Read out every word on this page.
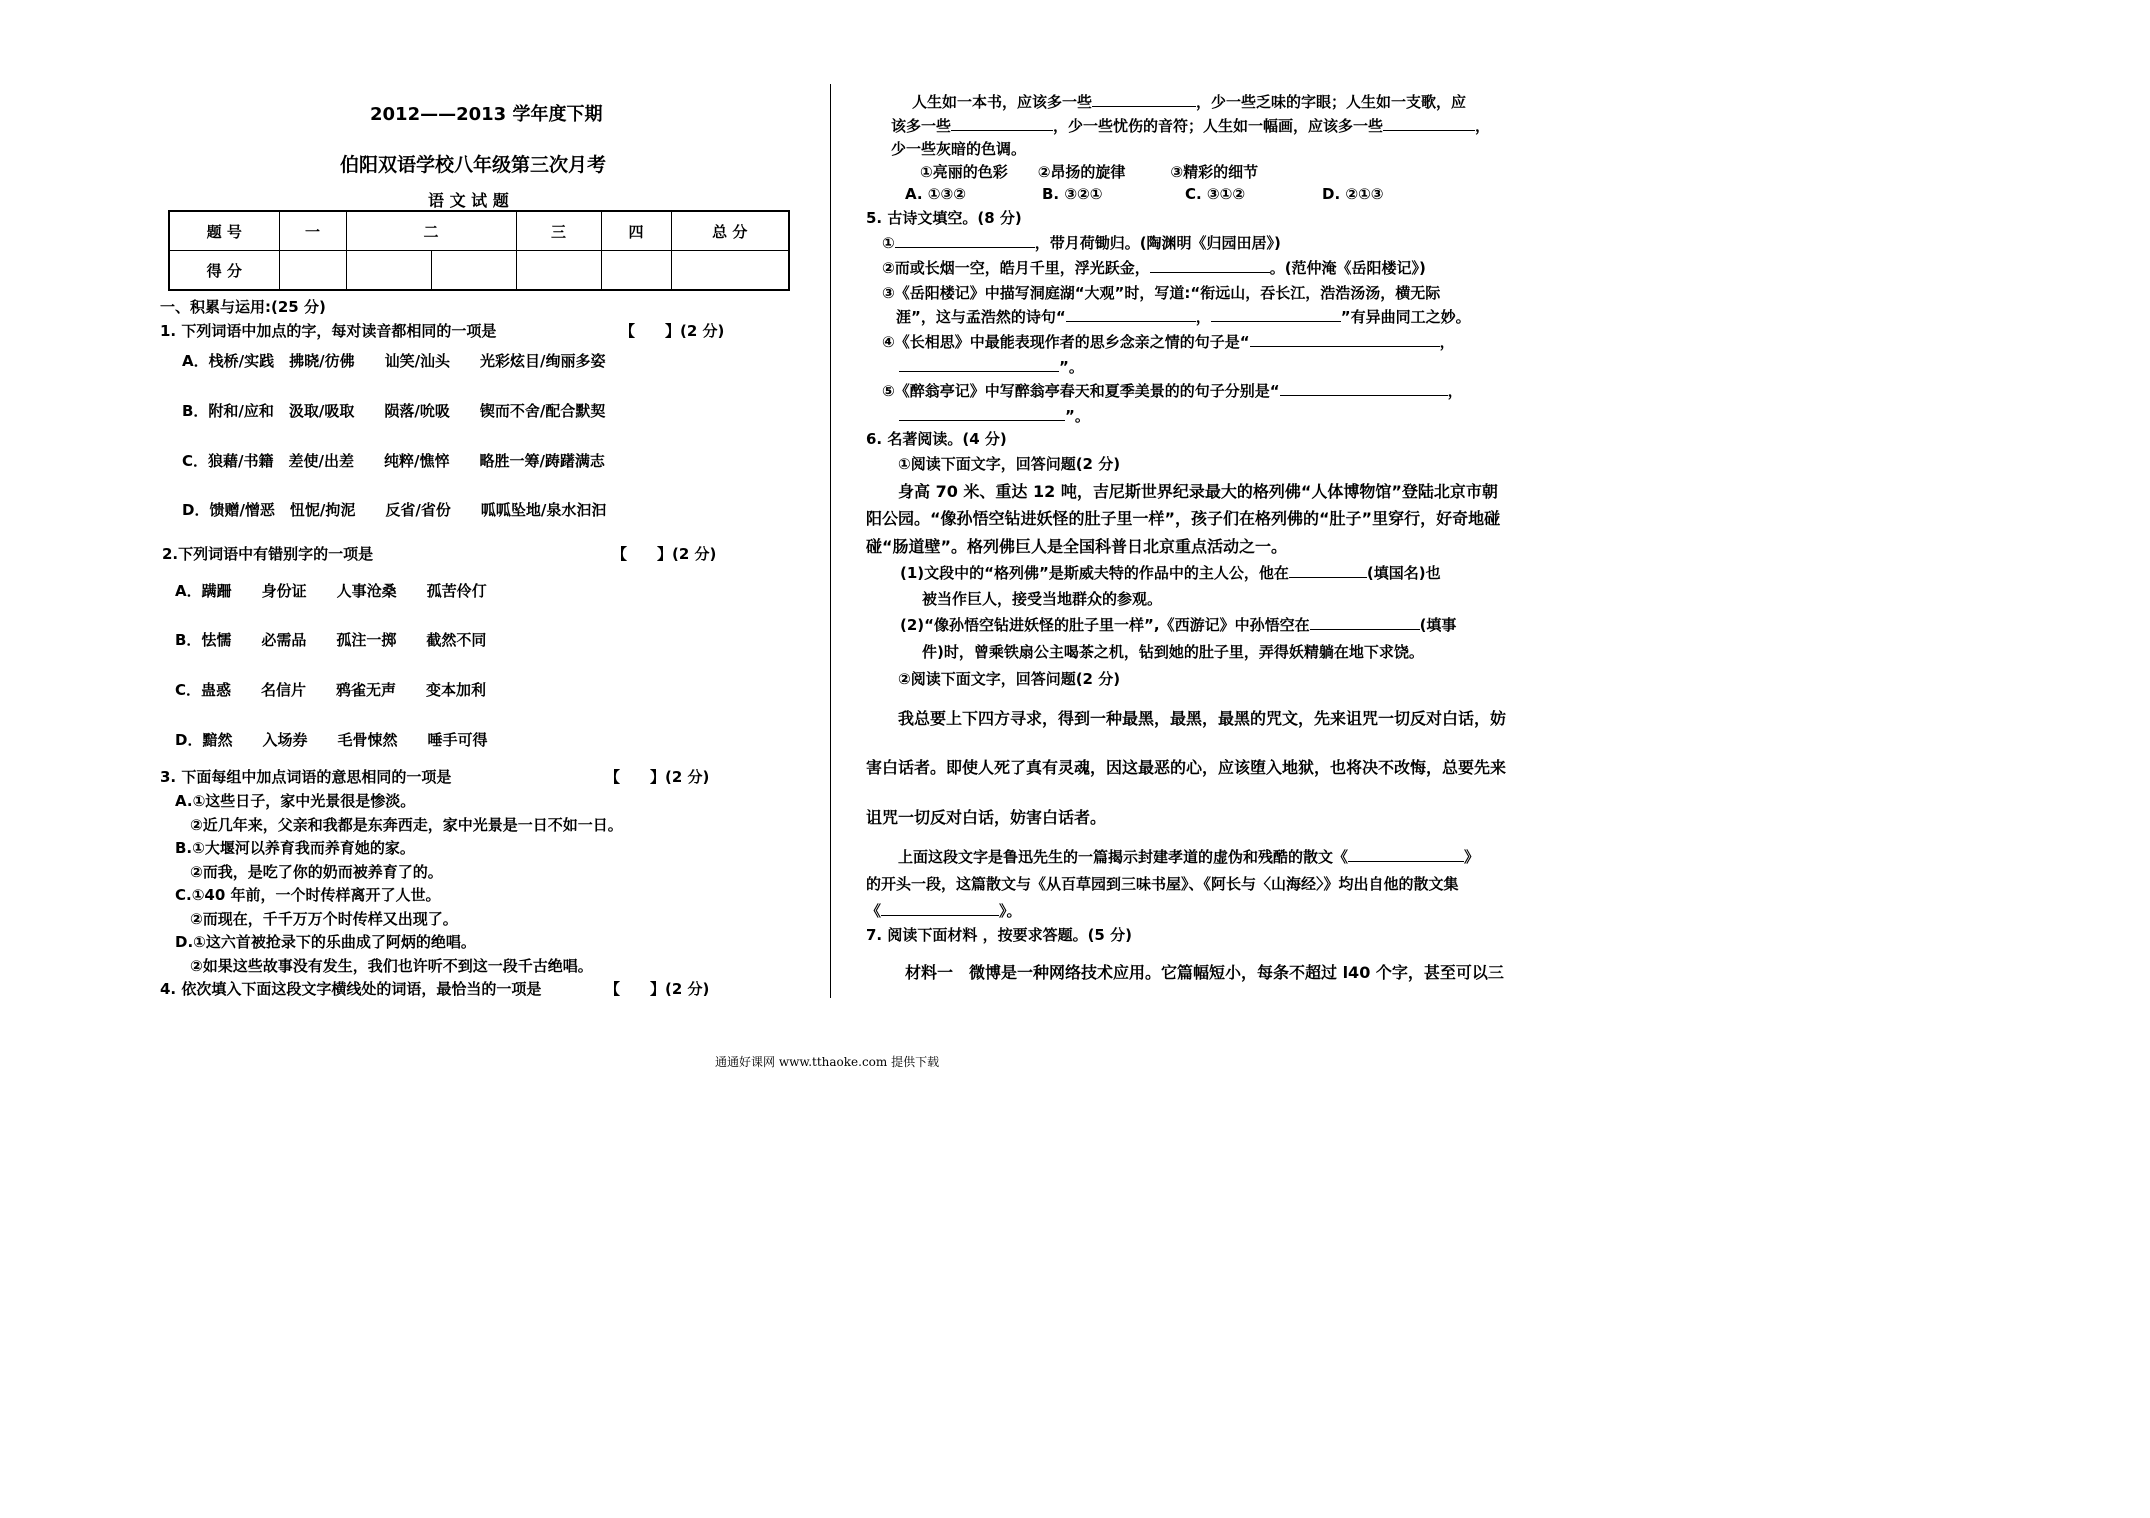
2012——2013 学年度下期
伯阳双语学校八年级第三次月考
语 文 试 题
题 号	一	二		三	四	总 分
得 分						
一、积累与运用:(25 分)
1. 下列词语中加点的字，每对读音都相同的一项是	【　　】(2 分)
A．栈桥/实践　拂晓/彷佛　　讪笑/汕头　　光彩炫目/绚丽多姿
B．附和/应和　汲取/吸取　　陨落/吮吸　　锲而不舍/配合默契
C．狼藉/书籍　差使/出差　　纯粹/憔悴　　略胜一筹/踌躇满志
D．馈赠/憎恶　忸怩/拘泥　　反省/省份　　呱呱坠地/泉水汩汩
2.下列词语中有错别字的一项是	【　　】(2 分)
A．蹒跚　　身份证　　人事沧桑　　孤苦伶仃
B．怯懦　　必需品　　孤注一掷　　截然不同
C．蛊惑　　名信片　　鸦雀无声　　变本加利
D．黯然　　入场券　　毛骨悚然　　唾手可得
3. 下面每组中加点词语的意思相同的一项是	【　　】(2 分)
A.①这些日子，家中光景很是惨淡。
②近几年来，父亲和我都是东奔西走，家中光景是一日不如一日。
B.①大堰河以养育我而养育她的家。
②而我，是吃了你的奶而被养育了的。
C.①40 年前，一个时传样离开了人世。
②而现在，千千万万个时传样又出现了。
D.①这六首被抢录下的乐曲成了阿炳的绝唱。
②如果这些故事没有发生，我们也许听不到这一段千古绝唱。
4. 依次填入下面这段文字横线处的词语，最恰当的一项是	【　　】(2 分)
人生如一本书，应该多一些	，少一些乏味的字眼；人生如一支歌，应
该多一些	，少一些忧伤的音符；人生如一幅画，应该多一些	，
少一些灰暗的色调。
①亮丽的色彩　　②昂扬的旋律　　　③精彩的细节
A. ①③②	B. ③②①	C. ③①②	D. ②①③
5. 古诗文填空。(8 分)
①	，带月荷锄归。(陶渊明《归园田居》)
②而或长烟一空，皓月千里，浮光跃金，	。(范仲淹《岳阳楼记》)
③《岳阳楼记》中描写洞庭湖“大观”时，写道:“衔远山，吞长江，浩浩汤汤，横无际
涯”，这与孟浩然的诗句“	，	”有异曲同工之妙。
④《长相思》中最能表现作者的思乡念亲之情的句子是“	，
”。
⑤《醉翁亭记》中写醉翁亭春天和夏季美景的的句子分别是“	，
”。
6. 名著阅读。(4 分)
①阅读下面文字，回答问题(2 分)
身高 70 米、重达 12 吨，吉尼斯世界纪录最大的格列佛“人体博物馆”登陆北京市朝
阳公园。“像孙悟空钻进妖怪的肚子里一样”，孩子们在格列佛的“肚子”里穿行，好奇地碰
碰“肠道壁”。格列佛巨人是全国科普日北京重点活动之一。
(1)文段中的“格列佛”是斯威夫特的作品中的主人公，他在	(填国名)也
被当作巨人，接受当地群众的参观。
(2)“像孙悟空钻进妖怪的肚子里一样”,《西游记》中孙悟空在	(填事
件)时，曾乘铁扇公主喝茶之机，钻到她的肚子里，弄得妖精躺在地下求饶。
②阅读下面文字，回答问题(2 分)
我总要上下四方寻求，得到一种最黑，最黑，最黑的咒文，先来诅咒一切反对白话，妨
害白话者。即使人死了真有灵魂，因这最恶的心，应该堕入地狱，也将决不改悔，总要先来
诅咒一切反对白话，妨害白话者。
上面这段文字是鲁迅先生的一篇揭示封建孝道的虚伪和残酷的散文《	》
的开头一段，这篇散文与《从百草园到三味书屋》、《阿长与〈山海经〉》均出自他的散文集
《	》。
7. 阅读下面材料 ，按要求答题。(5 分)
材料一　微博是一种网络技术应用。它篇幅短小，每条不超过 l40 个字，甚至可以三
通通好课网 www.tthaoke.com 提供下载
